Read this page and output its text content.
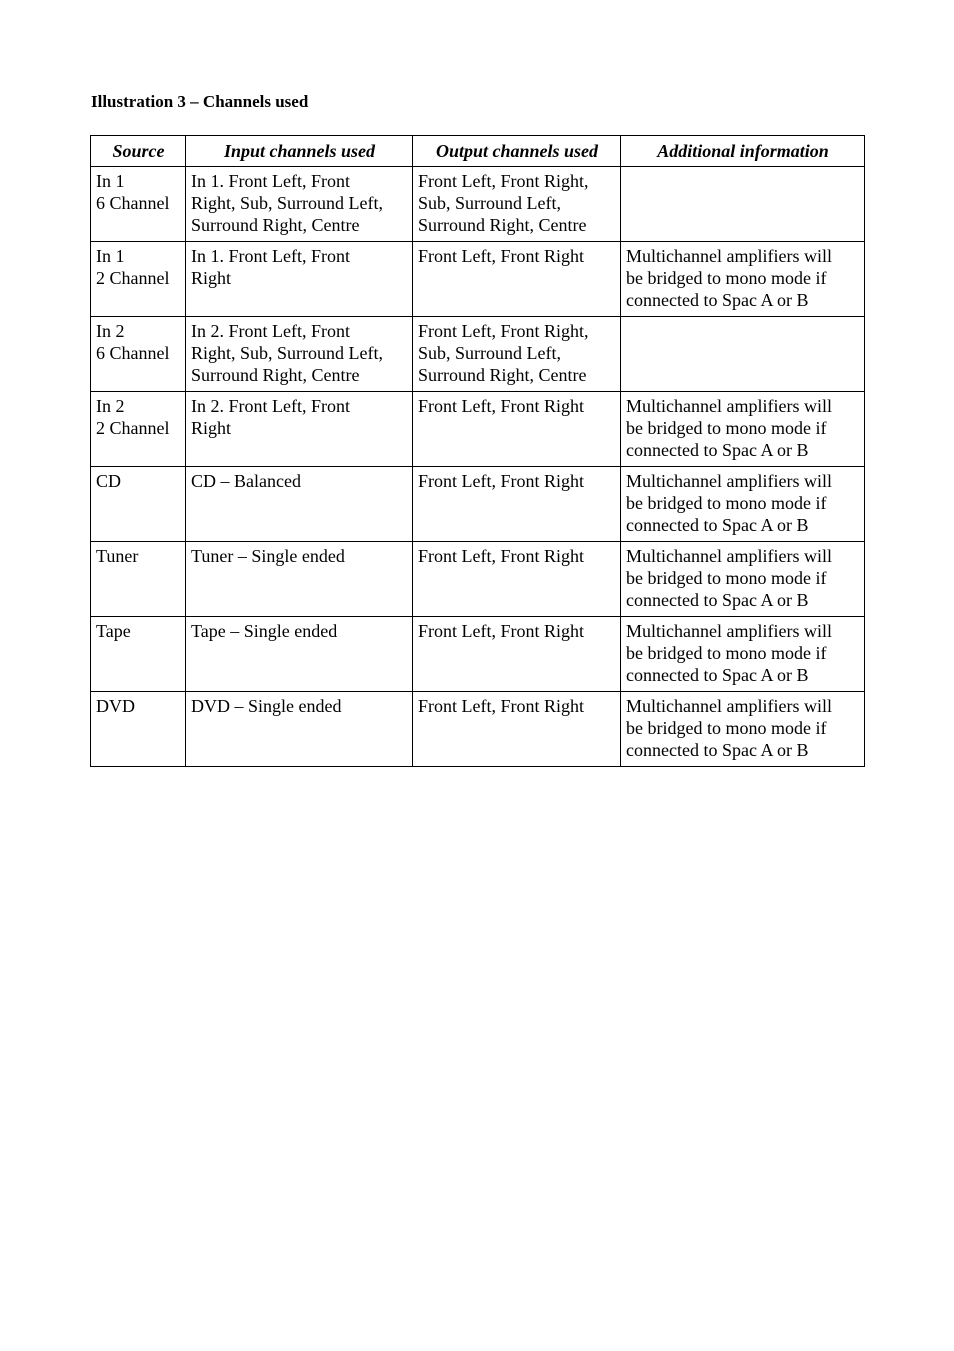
Illustration 3 – Channels used
Source	Input channels used	Output channels used	Additional information

In 1
6 Channel	In 1. Front Left, Front
Right, Sub, Surround Left,
Surround Right, Centre	Front Left, Front Right,
Sub, Surround Left,
Surround Right, Centre	

In 1
2 Channel	In 1. Front Left, Front
Right	Front Left, Front Right	Multichannel amplifiers will
be bridged to mono mode if
connected to Spac A or B

In 2
6 Channel	In 2. Front Left, Front
Right, Sub, Surround Left,
Surround Right, Centre	Front Left, Front Right,
Sub, Surround Left,
Surround Right, Centre	

In 2
2 Channel	In 2. Front Left, Front
Right	Front Left, Front Right	Multichannel amplifiers will
be bridged to mono mode if
connected to Spac A or B

CD	CD – Balanced	Front Left, Front Right	Multichannel amplifiers will
be bridged to mono mode if
connected to Spac A or B

Tuner	Tuner – Single ended	Front Left, Front Right	Multichannel amplifiers will
be bridged to mono mode if
connected to Spac A or B

Tape	Tape – Single ended	Front Left, Front Right	Multichannel amplifiers will
be bridged to mono mode if
connected to Spac A or B

DVD	DVD – Single ended	Front Left, Front Right	Multichannel amplifiers will
be bridged to mono mode if
connected to Spac A or B
